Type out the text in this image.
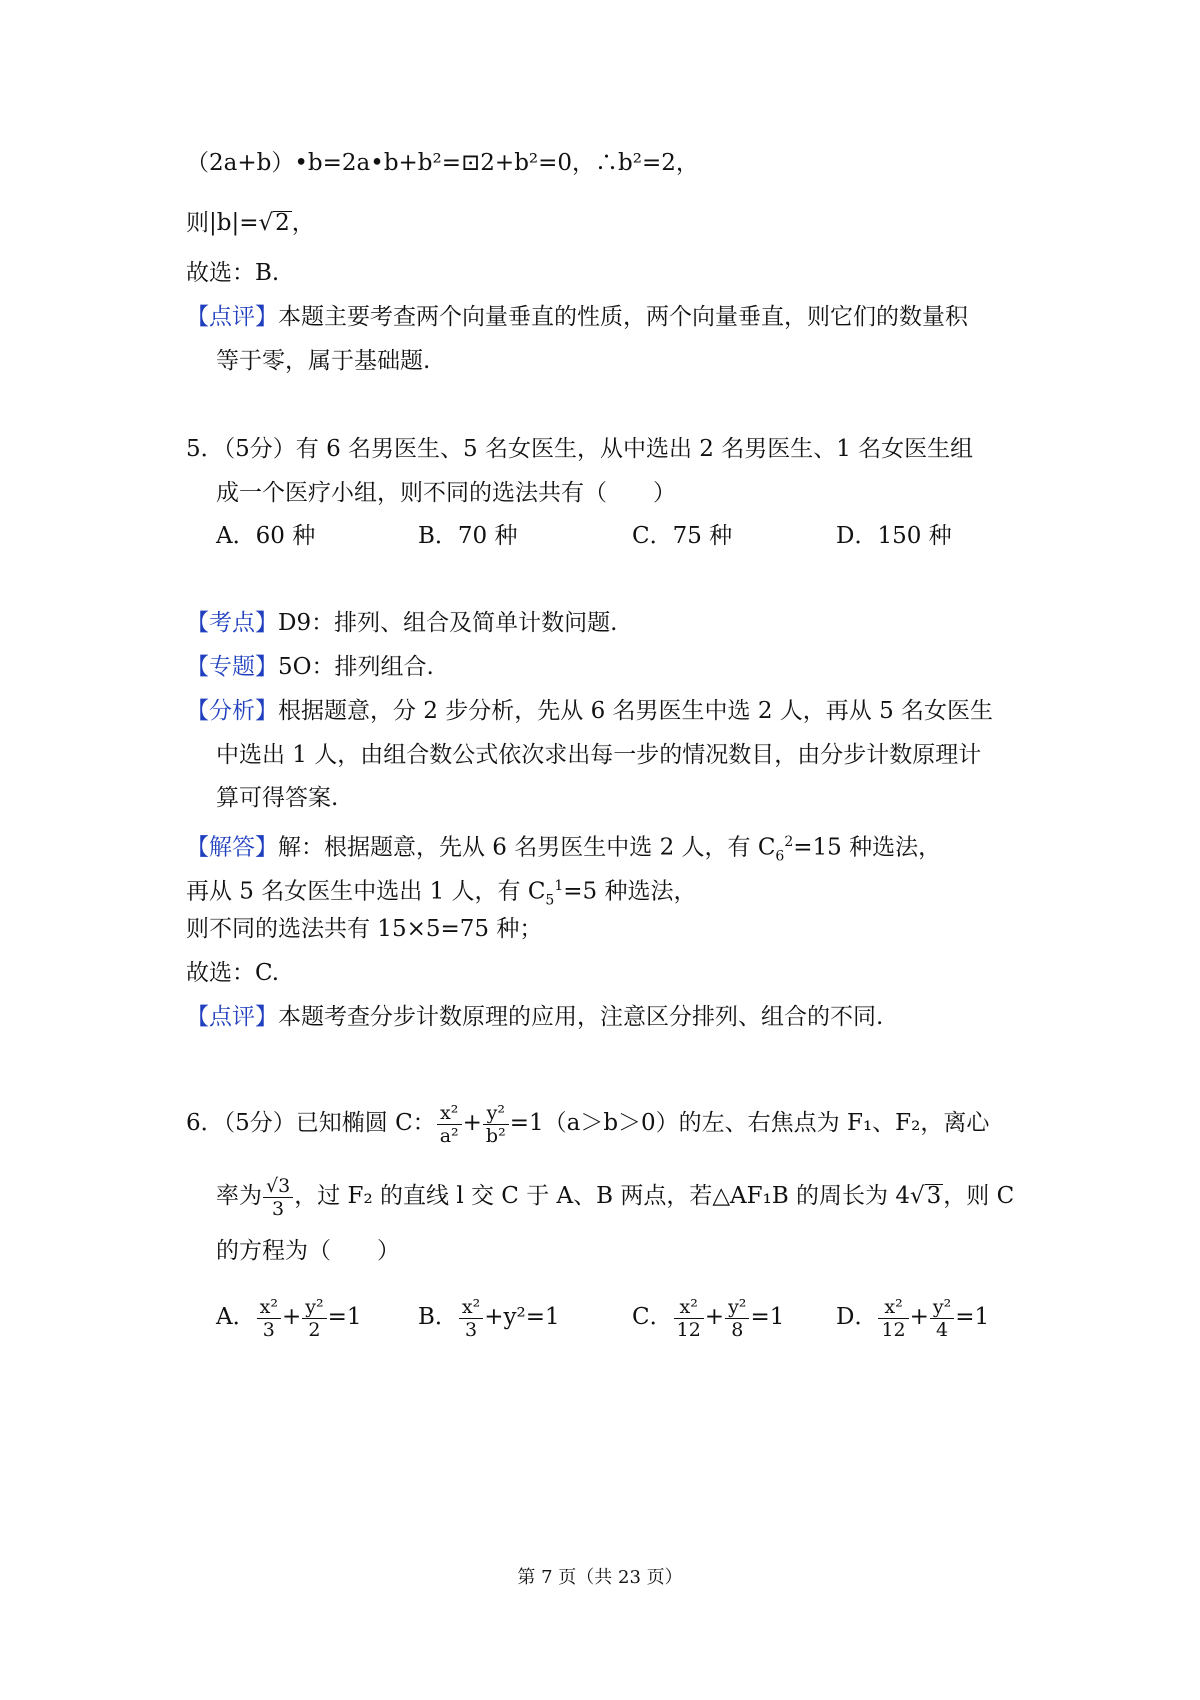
（2a+b）•b=2a•b+b²=⊡2+b²=0，∴b²=2，
则|b|=√2，
故选：B.
【点评】本题主要考查两个向量垂直的性质，两个向量垂直，则它们的数量积
等于零，属于基础题.
5．（5分）有 6 名男医生、5 名女医生，从中选出 2 名男医生、1 名女医生组
成一个医疗小组，则不同的选法共有（　　）
A．60 种	B．70 种	C．75 种	D．150 种
【考点】D9：排列、组合及简单计数问题.
【专题】5O：排列组合.
【分析】根据题意，分 2 步分析，先从 6 名男医生中选 2 人，再从 5 名女医生
中选出 1 人，由组合数公式依次求出每一步的情况数目，由分步计数原理计
算可得答案.
【解答】解：根据题意，先从 6 名男医生中选 2 人，有 $C_6^2=15$ 种选法，
再从 5 名女医生中选出 1 人，有 $C_5^1=5$ 种选法，
则不同的选法共有 15×5=75 种；
故选：C.
【点评】本题考查分步计数原理的应用，注意区分排列、组合的不同.
6．（5分）已知椭圆 C： $\frac{\text{x²}}{\text{a²}} + \frac{\text{y²}}{\text{b²}} =1(a>b>0)$的左、右焦点为 F₁、F₂，离心
率为 $\frac{√3}{3}$ ，过 F₂ 的直线 l 交 C 于 A、B 两点，若△AF₁B 的周长为 4√3，则 C
的方程为（　　）
A． $\frac{\text{x²}}{3} + \frac{\text{y²}}{2} =1$ B． $\frac{\text{x²}}{3} +y^2=1$	C． $\frac{\text{x²}}{12} + \frac{\text{y²}}{8} =1$ D． $\frac{\text{x²}}{12} + \frac{\text{y²}}{4} =1$
第 7 页（共 23 页）
